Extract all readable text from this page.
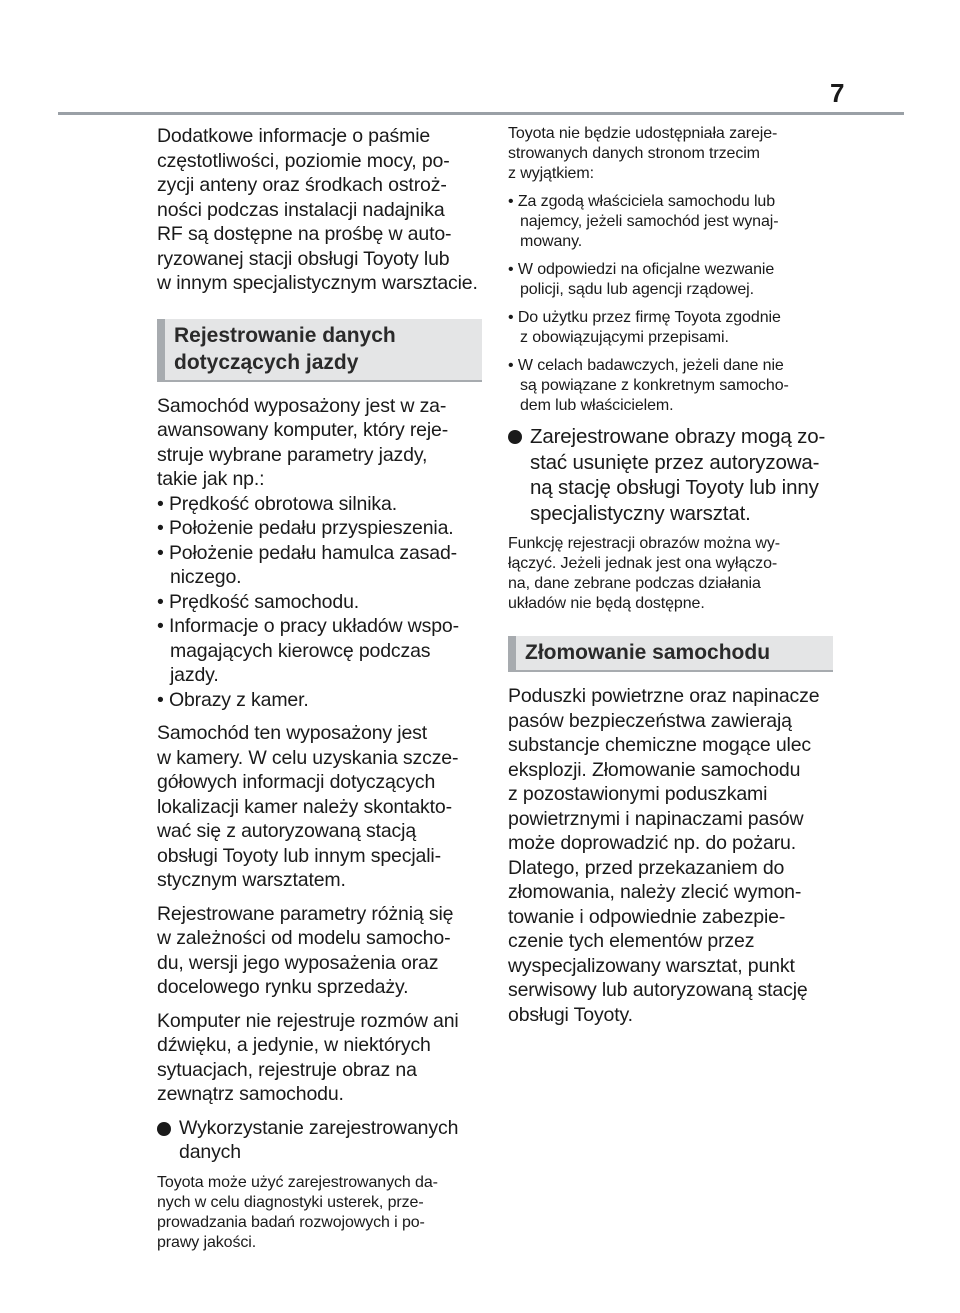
7

Dodatkowe informacje o paśmie
częstotliwości, poziomie mocy, po-
zycji anteny oraz środkach ostroż-
ności podczas instalacji nadajnika
RF są dostępne na prośbę w auto-
ryzowanej stacji obsługi Toyoty lub
w innym specjalistycznym warsztacie.

Rejestrowanie danych
dotyczących jazdy

Samochód wyposażony jest w za-
awansowany komputer, który reje-
struje wybrane parametry jazdy,
takie jak np.:

• Prędkość obrotowa silnika.
• Położenie pedału przyspieszenia.
• Położenie pedału hamulca zasad-
niczego.
• Prędkość samochodu.
• Informacje o pracy układów wspo-
magających kierowcę podczas
jazdy.
• Obrazy z kamer.

Samochód ten wyposażony jest
w kamery. W celu uzyskania szcze-
gółowych informacji dotyczących
lokalizacji kamer należy skontakto-
wać się z autoryzowaną stacją
obsługi Toyoty lub innym specjali-
stycznym warsztatem.

Rejestrowane parametry różnią się
w zależności od modelu samocho-
du, wersji jego wyposażenia oraz
docelowego rynku sprzedaży.

Komputer nie rejestruje rozmów ani
dźwięku, a jedynie, w niektórych
sytuacjach, rejestruje obraz na
zewnątrz samochodu.

Wykorzystanie zarejestrowanych
danych

Toyota może użyć zarejestrowanych da-
nych w celu diagnostyki usterek, prze-
prowadzania badań rozwojowych i po-
prawy jakości.

Toyota nie będzie udostępniała zareje-
strowanych danych stronom trzecim
z wyjątkiem:

• Za zgodą właściciela samochodu lub
najemcy, jeżeli samochód jest wynaj-
mowany.
• W odpowiedzi na oficjalne wezwanie
policji, sądu lub agencji rządowej.
• Do użytku przez firmę Toyota zgodnie
z obowiązującymi przepisami.
• W celach badawczych, jeżeli dane nie
są powiązane z konkretnym samocho-
dem lub właścicielem.
Zarejestrowane obrazy mogą zo-
stać usunięte przez autoryzowa-
ną stację obsługi Toyoty lub inny
specjalistyczny warsztat.

Funkcję rejestracji obrazów można wy-
łączyć. Jeżeli jednak jest ona wyłączo-
na, dane zebrane podczas działania
układów nie będą dostępne.

Złomowanie samochodu

Poduszki powietrzne oraz napinacze
pasów bezpieczeństwa zawierają
substancje chemiczne mogące ulec
eksplozji. Złomowanie samochodu
z pozostawionymi poduszkami
powietrznymi i napinaczami pasów
może doprowadzić np. do pożaru.
Dlatego, przed przekazaniem do
złomowania, należy zlecić wymon-
towanie i odpowiednie zabezpie-
czenie tych elementów przez
wyspecjalizowany warsztat, punkt
serwisowy lub autoryzowaną stację
obsługi Toyoty.
